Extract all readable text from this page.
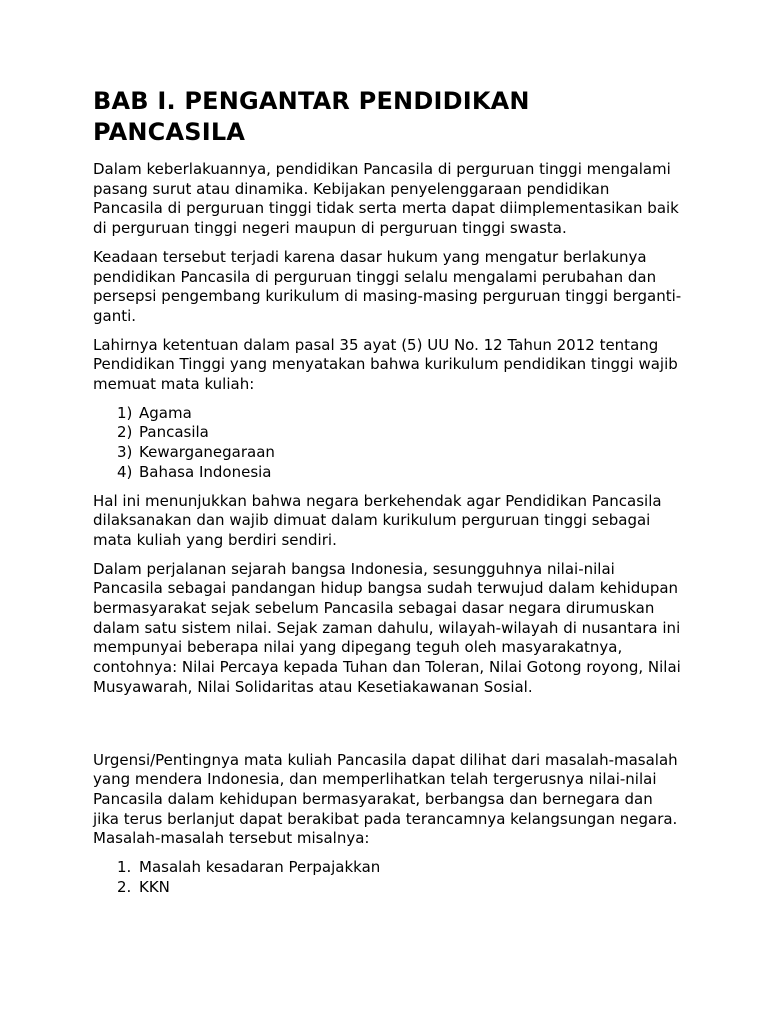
BAB I. PENGANTAR PENDIDIKAN PANCASILA

Dalam keberlakuannya, pendidikan Pancasila di perguruan tinggi mengalami pasang surut atau dinamika. Kebijakan penyelenggaraan pendidikan Pancasila di perguruan tinggi tidak serta merta dapat diimplementasikan baik di perguruan tinggi negeri maupun di perguruan tinggi swasta.

Keadaan tersebut terjadi karena dasar hukum yang mengatur berlakunya pendidikan Pancasila di perguruan tinggi selalu mengalami perubahan dan persepsi pengembang kurikulum di masing-masing perguruan tinggi berganti-ganti.

Lahirnya ketentuan dalam pasal 35 ayat (5) UU No. 12 Tahun 2012 tentang Pendidikan Tinggi yang menyatakan bahwa kurikulum pendidikan tinggi wajib memuat mata kuliah:

1) Agama
2) Pancasila
3) Kewarganegaraan
4) Bahasa Indonesia

Hal ini menunjukkan bahwa negara berkehendak agar Pendidikan Pancasila dilaksanakan dan wajib dimuat dalam kurikulum perguruan tinggi sebagai mata kuliah yang berdiri sendiri.

Dalam perjalanan sejarah bangsa Indonesia, sesungguhnya nilai-nilai Pancasila sebagai pandangan hidup bangsa sudah terwujud dalam kehidupan bermasyarakat sejak sebelum Pancasila sebagai dasar negara dirumuskan dalam satu sistem nilai. Sejak zaman dahulu, wilayah-wilayah di nusantara ini mempunyai beberapa nilai yang dipegang teguh oleh masyarakatnya, contohnya: Nilai Percaya kepada Tuhan dan Toleran, Nilai Gotong royong, Nilai Musyawarah, Nilai Solidaritas atau Kesetiakawanan Sosial.

Urgensi/Pentingnya mata kuliah Pancasila dapat dilihat dari masalah-masalah yang mendera Indonesia, dan memperlihatkan telah tergerusnya nilai-nilai Pancasila dalam kehidupan bermasyarakat, berbangsa dan bernegara dan jika terus berlanjut dapat berakibat pada terancamnya kelangsungan negara. Masalah-masalah tersebut misalnya:

1. Masalah kesadaran Perpajakkan
2. KKN
